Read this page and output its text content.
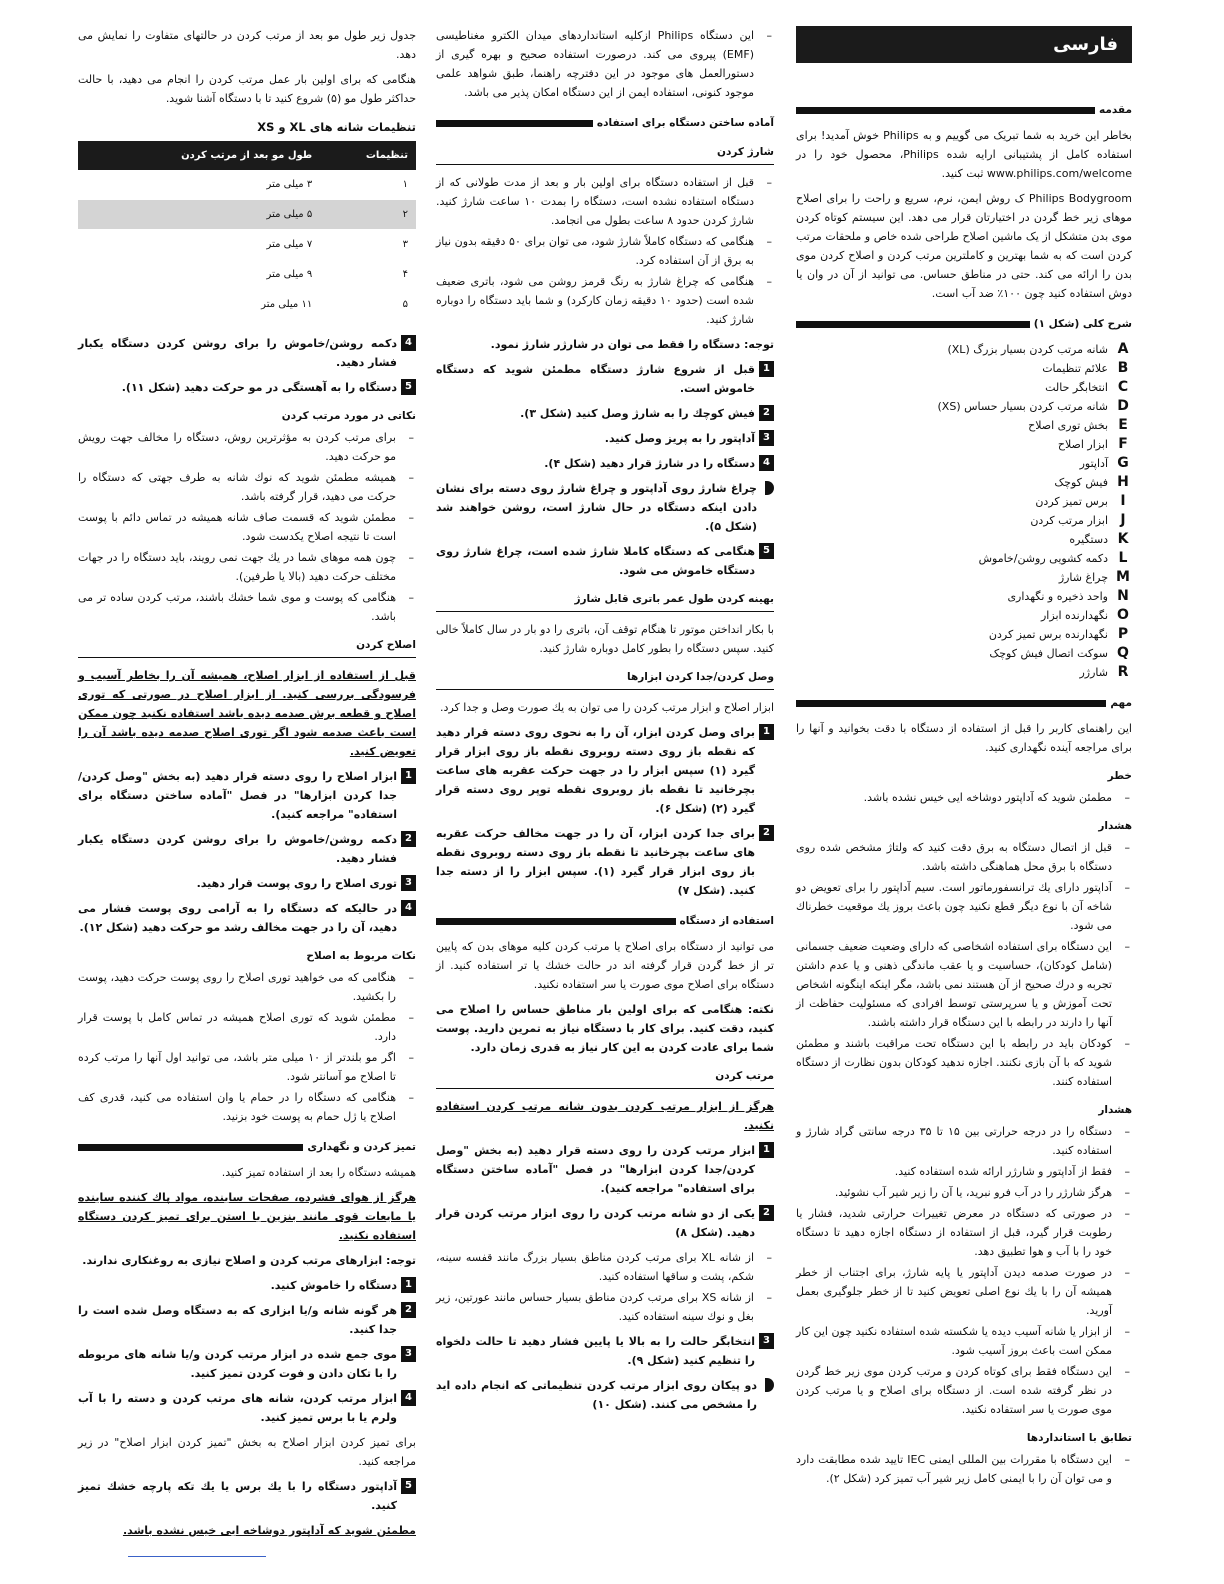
فارسی
مقدمه

بخاطر این خرید به شما تبریک می گوییم و به Philips خوش آمدید! برای استفاده کامل از پشتیبانی ارایه شده Philips، محصول خود را در www.philips.com/welcome ثبت کنید.

Philips Bodygroom ک روش ایمن، نرم، سریع و راحت را برای اصلاح موهای زیر خط گردن در اختیارتان قرار می دهد. این سیستم کوتاه کردن موی بدن متشکل از یک ماشین اصلاح طراحی شده خاص و ملحقات مرتب کردن است که به شما بهترین و کاملترین مرتب کردن و اصلاح کردن موی بدن را ارائه می کند. حتی در مناطق حساس. می توانید از آن در وان یا دوش استفاده کنید چون ۱۰۰٪ ضد آب است.

شرح کلی (شکل ۱)
A
شانه مرتب کردن بسیار بزرگ (XL)
B
علائم تنظیمات
C
انتخابگر حالت
D
شانه مرتب کردن بسیار حساس (XS)
E
بخش توری اصلاح
F
ابزار اصلاح
G
آداپتور
H
فیش کوچک
I
برس تمیز کردن
J
ابزار مرتب کردن
K
دستگیره
L
دکمه کشویی روشن/خاموش
M
چراغ شارژ
N
واحد ذخیره و نگهداری
O
نگهدارنده ابزار
P
نگهدارنده برس تمیز کردن
Q
سوکت اتصال فیش کوچک
R
شارژر
مهم

این راهنمای کاربر را قبل از استفاده از دستگاه با دقت بخوانید و آنها را برای مراجعه آینده نگهداری کنید.

خطر
– مطمئن شوید که آداپتور دوشاخه ایی خیس نشده باشد.
هشدار
– قبل از اتصال دستگاه به برق دقت کنید که ولتاژ مشخص شده روی دستگاه با برق محل هماهنگی داشته باشد.
– آداپتور دارای یك ترانسفورماتور است. سیم آداپتور را برای تعویض دو شاخه آن با نوع دیگر قطع نکنید چون باعث بروز یك موقعیت خطرناك می شود.
– این دستگاه برای استفاده اشخاصی که دارای وضعیت ضعیف جسمانی (شامل کودکان)، حساسیت و یا عقب ماندگی ذهنی و یا عدم داشتن تجربه و درك صحیح از آن هستند نمی باشد، مگر اینکه اینگونه اشخاص تحت آموزش و یا سرپرستی توسط افرادی که مسئولیت حفاظت از آنها را دارند در رابطه با این دستگاه قرار داشته باشند.
– کودکان باید در رابطه با این دستگاه تحت مراقبت باشند و مطمئن شوید که با آن بازی نکنند. اجازه ندهید کودکان بدون نظارت از دستگاه استفاده کنند.
هشدار
– دستگاه را در درجه حرارتی بین ۱۵ تا ۳۵ درجه سانتی گراد شارژ و استفاده کنید.
– فقط از آداپتور و شارژر ارائه شده استفاده کنید.
– هرگز شارژر را در آب فرو نبرید، یا آن را زیر شیر آب نشوئید.
– در صورتی که دستگاه در معرض تغییرات حرارتی شدید، فشار یا رطوبت قرار گیرد، قبل از استفاده از دستگاه اجازه دهید تا دستگاه خود را با آب و هوا تطبیق دهد.
– در صورت صدمه دیدن آداپتور یا پایه شارژ، برای اجتناب از خطر همیشه آن را با یك نوع اصلی تعویض کنید تا از خطر جلوگیری بعمل آورید.
– از ابزار یا شانه آسیب دیده یا شکسته شده استفاده نکنید چون این کار ممکن است باعث بروز آسیب شود.
– این دستگاه فقط برای کوتاه کردن و مرتب کردن موی زیر خط گردن در نظر گرفته شده است. از دستگاه برای اصلاح و یا مرتب کردن موی صورت یا سر استفاده نکنید.
تطابق با استانداردها
– این دستگاه با مقررات بین المللی ایمنی IEC تایید شده مطابقت دارد و می توان آن را با ایمنی کامل زیر شیر آب تمیز کرد (شکل ۲).
– این دستگاه Philips ازکلیه استانداردهای میدان الکترو مغناطیسی (EMF) پیروی می کند. درصورت استفاده صحیح و بهره گیری از دستورالعمل های موجود در این دفترچه راهنما، طبق شواهد علمی موجود کنونی، استفاده ایمن از این دستگاه امکان پذیر می باشد.
آماده ساختن دستگاه برای استفاده
شارژ کردن
– قبل از استفاده دستگاه برای اولین بار و بعد از مدت طولانی که از دستگاه استفاده نشده است، دستگاه را بمدت ۱۰ ساعت شارژ کنید. شارژ کردن حدود ۸ ساعت بطول می انجامد.
– هنگامی که دستگاه کاملاً شارژ شود، می توان برای ۵۰ دقیقه بدون نیاز به برق از آن استفاده کرد.
– هنگامی که چراغ شارژ به رنگ قرمز روشن می شود، باتری ضعیف شده است (حدود ۱۰ دقیقه زمان کارکرد) و شما باید دستگاه را دوباره شارژ کنید.
توجه: دستگاه را فقط می توان در شارژر شارژ نمود.
1
قبل از شروع شارژ دستگاه مطمئن شوید که دستگاه خاموش است.
2
فیش کوچك را به شارژ وصل کنید (شکل ۳).
3
آداپتور را به پریز وصل کنید.
4
دستگاه را در شارژ قرار دهید (شکل ۴).
چراغ شارژ روی آداپتور و چراغ شارژ روی دسته برای نشان دادن اینکه دستگاه در حال شارژ است، روشن خواهند شد (شکل ۵).
5
هنگامی که دستگاه کاملا شارژ شده است، چراغ شارژ روی دستگاه خاموش می شود.
بهینه کردن طول عمر باتری قابل شارژ

با بکار انداختن موتور تا هنگام توقف آن، باتری را دو بار در سال کاملاً خالی کنید. سپس دستگاه را بطور کامل دوباره شارژ کنید.

وصل کردن/جدا کردن ابزارها

ابزار اصلاح و ابزار مرتب کردن را می توان به یك صورت وصل و جدا کرد.

1
برای وصل کردن ابزار، آن را به نحوی روی دسته قرار دهید که نقطه باز روی دسته روبروی نقطه باز روی ابزار قرار گیرد (۱) سپس ابزار را در جهت حرکت عقربه های ساعت بچرخانید تا نقطه باز روبروی نقطه توپر روی دسته قرار گیرد (۲) (شکل ۶).
2
برای جدا کردن ابزار، آن را در جهت مخالف حرکت عقربه های ساعت بچرخانید تا نقطه باز روی دسته روبروی نقطه باز روی ابزار قرار گیرد (۱). سپس ابزار را از دسته جدا کنید. (شکل ۷)
استفاده از دستگاه

می توانید از دستگاه برای اصلاح یا مرتب کردن کلیه موهای بدن که پایین تر از خط گردن قرار گرفته اند در حالت خشك یا تر استفاده کنید. از دستگاه برای اصلاح موی صورت یا سر استفاده نکنید.

نکته: هنگامی که برای اولین بار مناطق حساس را اصلاح می کنید، دقت کنید. برای کار با دستگاه نیاز به تمرین دارید. پوست شما برای عادت کردن به این کار نیاز به قدری زمان دارد.

مرتب کردن

هرگز از ابزار مرتب کردن بدون شانه مرتب کردن استفاده نکنید.

1
ابزار مرتب کردن را روی دسته قرار دهید (به بخش "وصل کردن/جدا کردن ابزارها" در فصل "آماده ساختن دستگاه برای استفاده" مراجعه کنید).
2
یکی از دو شانه مرتب کردن را روی ابزار مرتب کردن قرار دهید. (شکل ۸)
– از شانه XL برای مرتب کردن مناطق بسیار بزرگ مانند قفسه سینه، شکم، پشت و ساقها استفاده کنید.
– از شانه XS برای مرتب کردن مناطق بسیار حساس مانند عورتین، زیر بغل و نوك سینه استفاده کنید.
3
انتخابگر حالت را به بالا یا پایین فشار دهید تا حالت دلخواه را تنظیم کنید (شکل ۹).
دو پیکان روی ابزار مرتب کردن تنظیماتی که انجام داده اید را مشخص می کنند. (شکل ۱۰)

جدول زیر طول مو بعد از مرتب کردن در حالتهای متفاوت را نمایش می دهد.

هنگامی که برای اولین بار عمل مرتب کردن را انجام می دهید، با حالت حداکثر طول مو (۵) شروع کنید تا با دستگاه آشنا شوید.

تنظیمات شانه های XL و XS
تنظیمات	طول مو بعد از مرتب کردن
۱	۳ میلی متر
۲	۵ میلی متر
۳	۷ میلی متر
۴	۹ میلی متر
۵	۱۱ میلی متر
4
دکمه روشن/خاموش را برای روشن کردن دستگاه یکبار فشار دهید.
5
دستگاه را به آهستگی در مو حرکت دهید (شکل ۱۱).
نکاتی در مورد مرتب کردن
– برای مرتب کردن به مؤثرترین روش، دستگاه را مخالف جهت رویش مو حرکت دهید.
– همیشه مطمئن شوید که نوك شانه به طرف جهتی که دستگاه را حرکت می دهید، قرار گرفته باشد.
– مطمئن شوید که قسمت صاف شانه همیشه در تماس دائم با پوست است تا نتیجه اصلاح یکدست شود.
– چون همه موهای شما در یك جهت نمی رویند، باید دستگاه را در جهات مختلف حرکت دهید (بالا یا طرفین).
– هنگامی که پوست و موی شما خشك باشند، مرتب کردن ساده تر می باشد.
اصلاح کردن

قبل از استفاده از ابزار اصلاح، همیشه آن را بخاطر آسیب و فرسودگی بررسی کنید. از ابزار اصلاح در صورتی که توری اصلاح و قطعه برش صدمه دیده باشد استفاده نکنید چون ممکن است باعث صدمه شود اگر توری اصلاح صدمه دیده باشد آن را تعویض کنید.

1
ابزار اصلاح را روی دسته قرار دهید (به بخش "وصل کردن/جدا کردن ابزارها" در فصل "آماده ساختن دستگاه برای استفاده" مراجعه کنید).
2
دکمه روشن/خاموش را برای روشن کردن دستگاه یکبار فشار دهید.
3
توری اصلاح را روی پوست قرار دهید.
4
در حالیکه که دستگاه را به آرامی روی پوست فشار می دهید، آن را در جهت مخالف رشد مو حرکت دهید (شکل ۱۲).
نکات مربوط به اصلاح
– هنگامی که می خواهید توری اصلاح را روی پوست حرکت دهید، پوست را بکشید.
– مطمئن شوید که توری اصلاح همیشه در تماس کامل با پوست قرار دارد.
– اگر مو بلندتر از ۱۰ میلی متر باشد، می توانید اول آنها را مرتب کرده تا اصلاح مو آسانتر شود.
– هنگامی که دستگاه را در حمام یا وان استفاده می کنید، قدری کف اصلاح یا ژل حمام به پوست خود بزنید.
تمیز کردن و نگهداری

همیشه دستگاه را بعد از استفاده تمیز کنید.

هرگز از هوای فشرده، صفحات ساینده، مواد پاك کننده ساینده یا مایعات قوی مانند بنزین یا استن برای تمیز کردن دستگاه استفاده نکنید.

توجه: ابزارهای مرتب کردن و اصلاح نیازی به روغنکاری ندارند.
1
دستگاه را خاموش کنید.
2
هر گونه شانه و/یا ابزاری که به دستگاه وصل شده است را جدا کنید.
3
موی جمع شده در ابزار مرتب کردن و/یا شانه های مربوطه را با تکان دادن و فوت کردن تمیز کنید.
4
ابزار مرتب کردن، شانه های مرتب کردن و دسته را با آب ولرم یا با برس تمیز کنید.

برای تمیز کردن ابزار اصلاح به بخش "تمیز کردن ابزار اصلاح" در زیر مراجعه کنید.

5
آداپتور دستگاه را با یك برس یا یك تکه پارچه خشك تمیز کنید.

مطمئن شوید که آداپتور دوشاخه ایی خیس نشده باشد.
